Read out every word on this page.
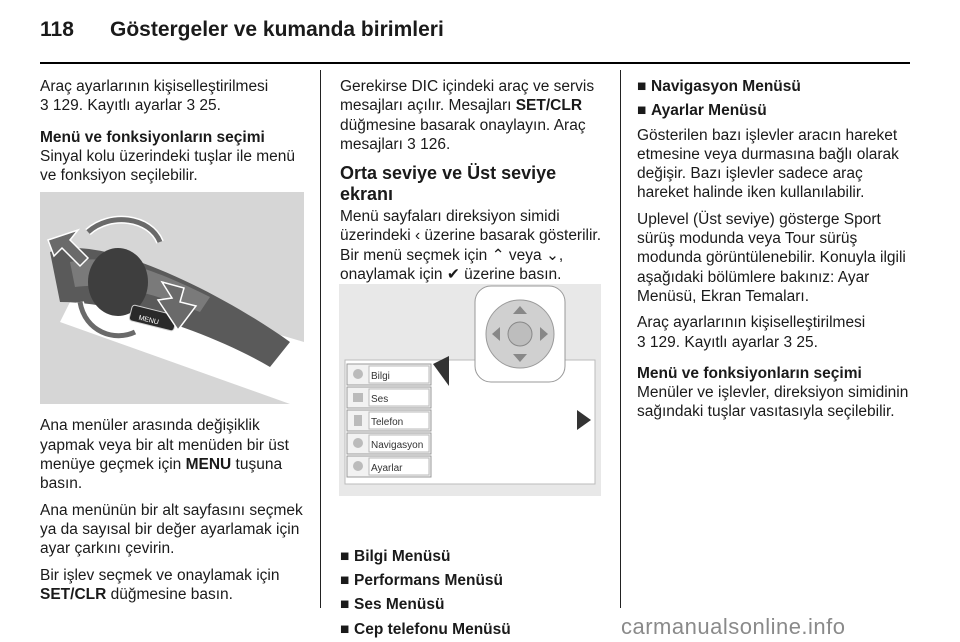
118 Göstergeler ve kumanda birimleri

Araç ayarlarının kişiselleştirilmesi
3 129. Kayıtlı ayarlar 3 25.

Menü ve fonksiyonların seçimi
Sinyal kolu üzerindeki tuşlar ile menü ve fonksiyon seçilebilir.

Ana menüler arasında değişiklik yapmak veya bir alt menüden bir üst menüye geçmek için MENU tuşuna basın.

Ana menünün bir alt sayfasını seçmek ya da sayısal bir değer ayarlamak için ayar çarkını çevirin.

Bir işlev seçmek ve onaylamak için SET/CLR düğmesine basın.

MENU

Gerekirse DIC içindeki araç ve servis mesajları açılır. Mesajları SET/CLR düğmesine basarak onaylayın. Araç mesajları 3 126.

Orta seviye ve Üst seviye ekranı

Menü sayfaları direksiyon simidi üzerindeki ‹ üzerine basarak gösterilir. Bir menü seçmek için ⌃ veya ⌄, onaylamak için ✔ üzerine basın.

■ Bilgi Menüsü
■ Performans Menüsü
■ Ses Menüsü
■ Cep telefonu Menüsü
Bilgi
Ses
Telefon
Navigasyon
Ayarlar
■ Navigasyon Menüsü
■ Ayarlar Menüsü

Gösterilen bazı işlevler aracın hareket etmesine veya durmasına bağlı olarak değişir. Bazı işlevler sadece araç hareket halinde iken kullanılabilir.

Uplevel (Üst seviye) gösterge Sport sürüş modunda veya Tour sürüş modunda görüntülenebilir. Konuyla ilgili aşağıdaki bölümlere bakınız: Ayar Menüsü, Ekran Temaları.

Araç ayarlarının kişiselleştirilmesi
3 129. Kayıtlı ayarlar 3 25.

Menü ve fonksiyonların seçimi
Menüler ve işlevler, direksiyon simidinin sağındaki tuşlar vasıtasıyla seçilebilir.

carmanualsonline.info
